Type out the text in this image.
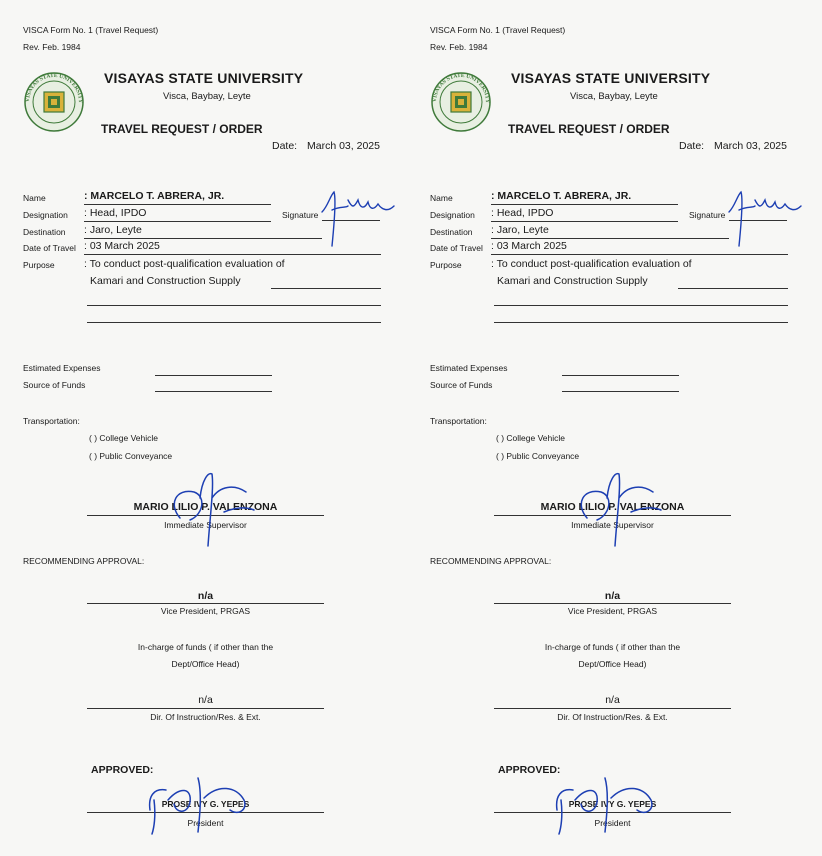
VISCA Form No. 1 (Travel Request)
Rev. Feb. 1984
VISAYAS STATE UNIVERSITY
VISAYAS STATE UNIVERSITY
Visca, Baybay, Leyte
TRAVEL REQUEST / ORDER
Date: March 03, 2025
Name	: MARCELO T. ABRERA, JR.
Designation : Head, IPDO	Signature
Destination : Jaro, Leyte
Date of Travel : 03 March 2025
Purpose	: To conduct post-qualification evaluation of
Kamari and Construction Supply
Estimated Expenses
Source of Funds
Transportation:
( ) College Vehicle
( ) Public Conveyance
MARIO LILIO P. VALENZONA
Immediate Supervisor
RECOMMENDING APPROVAL:
n/a
Vice President, PRGAS
In-charge of funds ( if other than the
Dept/Office Head)
n/a
Dir. Of Instruction/Res. & Ext.
APPROVED:
PROSE IVY G. YEPES
President
VISCA Form No. 1 (Travel Request)
Rev. Feb. 1984
VISAYAS STATE UNIVERSITY
VISAYAS STATE UNIVERSITY
Visca, Baybay, Leyte
TRAVEL REQUEST / ORDER
Date: March 03, 2025
Name	: MARCELO T. ABRERA, JR.
Designation : Head, IPDO	Signature
Destination : Jaro, Leyte
Date of Travel : 03 March 2025
Purpose	: To conduct post-qualification evaluation of
Kamari and Construction Supply
Estimated Expenses
Source of Funds
Transportation:
( ) College Vehicle
( ) Public Conveyance
MARIO LILIO P. VALENZONA
Immediate Supervisor
RECOMMENDING APPROVAL:
n/a
Vice President, PRGAS
In-charge of funds ( if other than the
Dept/Office Head)
n/a
Dir. Of Instruction/Res. & Ext.
APPROVED:
PROSE IVY G. YEPES
President
